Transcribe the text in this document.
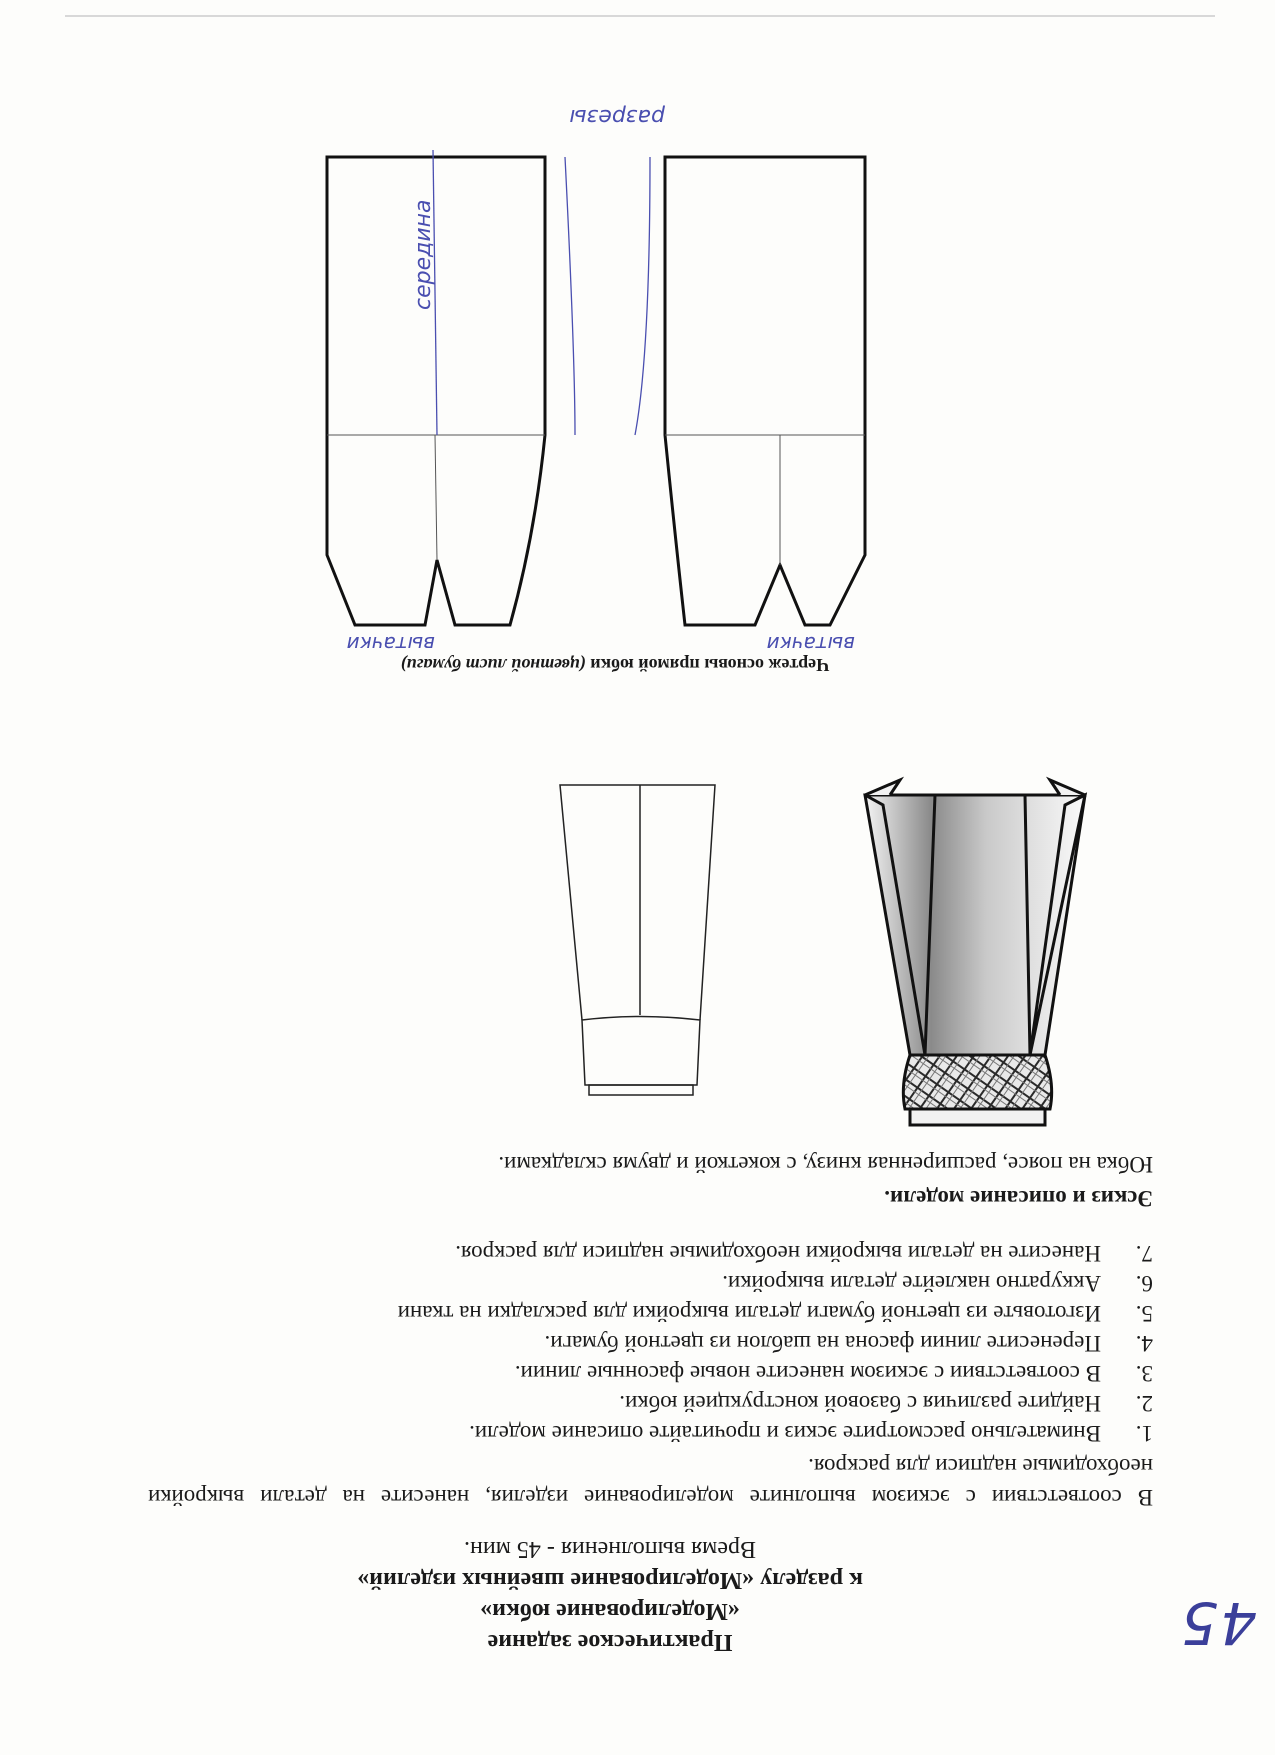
45
Практическое задание
«Моделирование юбки»
к разделу «Моделирование швейных изделий»
Время выполнения - 45 мин.
В соответствии с эскизом выполните моделирование изделия, нанесите на детали выкройки необходимые надписи для раскроя.
1.
Внимательно рассмотрите эскиз и прочитайте описание модели.
2.
Найдите различия с базовой конструкцией юбки.
3.
В соответствии с эскизом нанесите новые фасонные линии.
4.
Перенесите линии фасона на шаблон из цветной бумаги.
5.
Изготовьте из цветной бумаги детали выкройки для раскладки на ткани
6.
Аккуратно наклейте детали выкройки.
7.
Нанесите на детали выкройки необходимые надписи для раскроя.
Эскиз и описание модели.
Юбка на поясе, расширенная книзу, с кокеткой и двумя складками.
Чертеж основы прямой юбки (цветной лист бумаги)
вытачки
вытачки
середина
разрезы
